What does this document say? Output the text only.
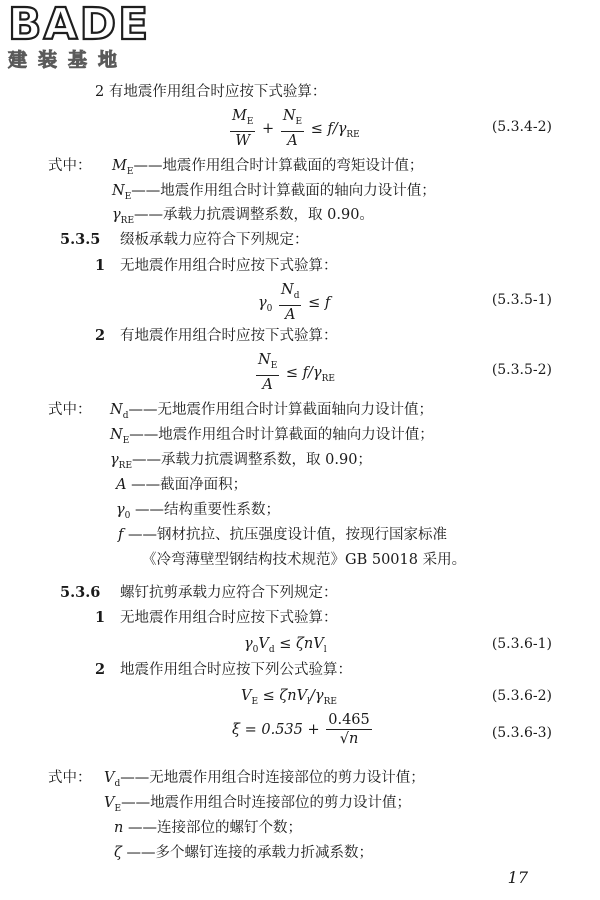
BADE
建装基地
2 有地震作用组合时应按下式验算：
$\frac{M_E}{W} + \frac{N_E}{A} \le f/\gamma_{RE}$	(5.3.4-2)
式中： $M_E——$地震作用组合时计算截面的弯矩设计值；
$N_E——$地震作用组合时计算截面的轴向力设计值；
$\gamma_{RE}——$承载力抗震调整系数，取 0.90。
5.3.5 缀板承载力应符合下列规定：
1 无地震作用组合时应按下式验算：
$\gamma_0 \frac{N_d}{A} \le f$	(5.3.5-1)
2 有地震作用组合时应按下式验算：
$\frac{N_E}{A} \le f/\gamma_{RE}$
(5.3.5-2)
式中： $N_d——$无地震作用组合时计算截面轴向力设计值；
$N_E——$地震作用组合时计算截面的轴向力设计值；
$\gamma_{RE}——$承载力抗震调整系数，取 0.90；
A ——截面净面积；
$\gamma_0$ ——结构重要性系数；
f ——钢材抗拉、抗压强度设计值，按现行国家标准
《冷弯薄壁型钢结构技术规范》GB 50018 采用。
5.3.6 螺钉抗剪承载力应符合下列规定：
1 无地震作用组合时应按下式验算：
$\gamma_0V_d \le \zeta nV_l$	(5.3.6-1)
2 地震作用组合时应按下列公式验算：
$V_E \le \zeta nV_l/\gamma_{RE}$	(5.3.6-2)
$\xi = 0.535 + \frac{0.465}{√n}$	(5.3.6-3)
式中： $V_d——$无地震作用组合时连接部位的剪力设计值；
$V_E——$地震作用组合时连接部位的剪力设计值；
n ——连接部位的螺钉个数；
ζ ——多个螺钉连接的承载力折减系数；
17
